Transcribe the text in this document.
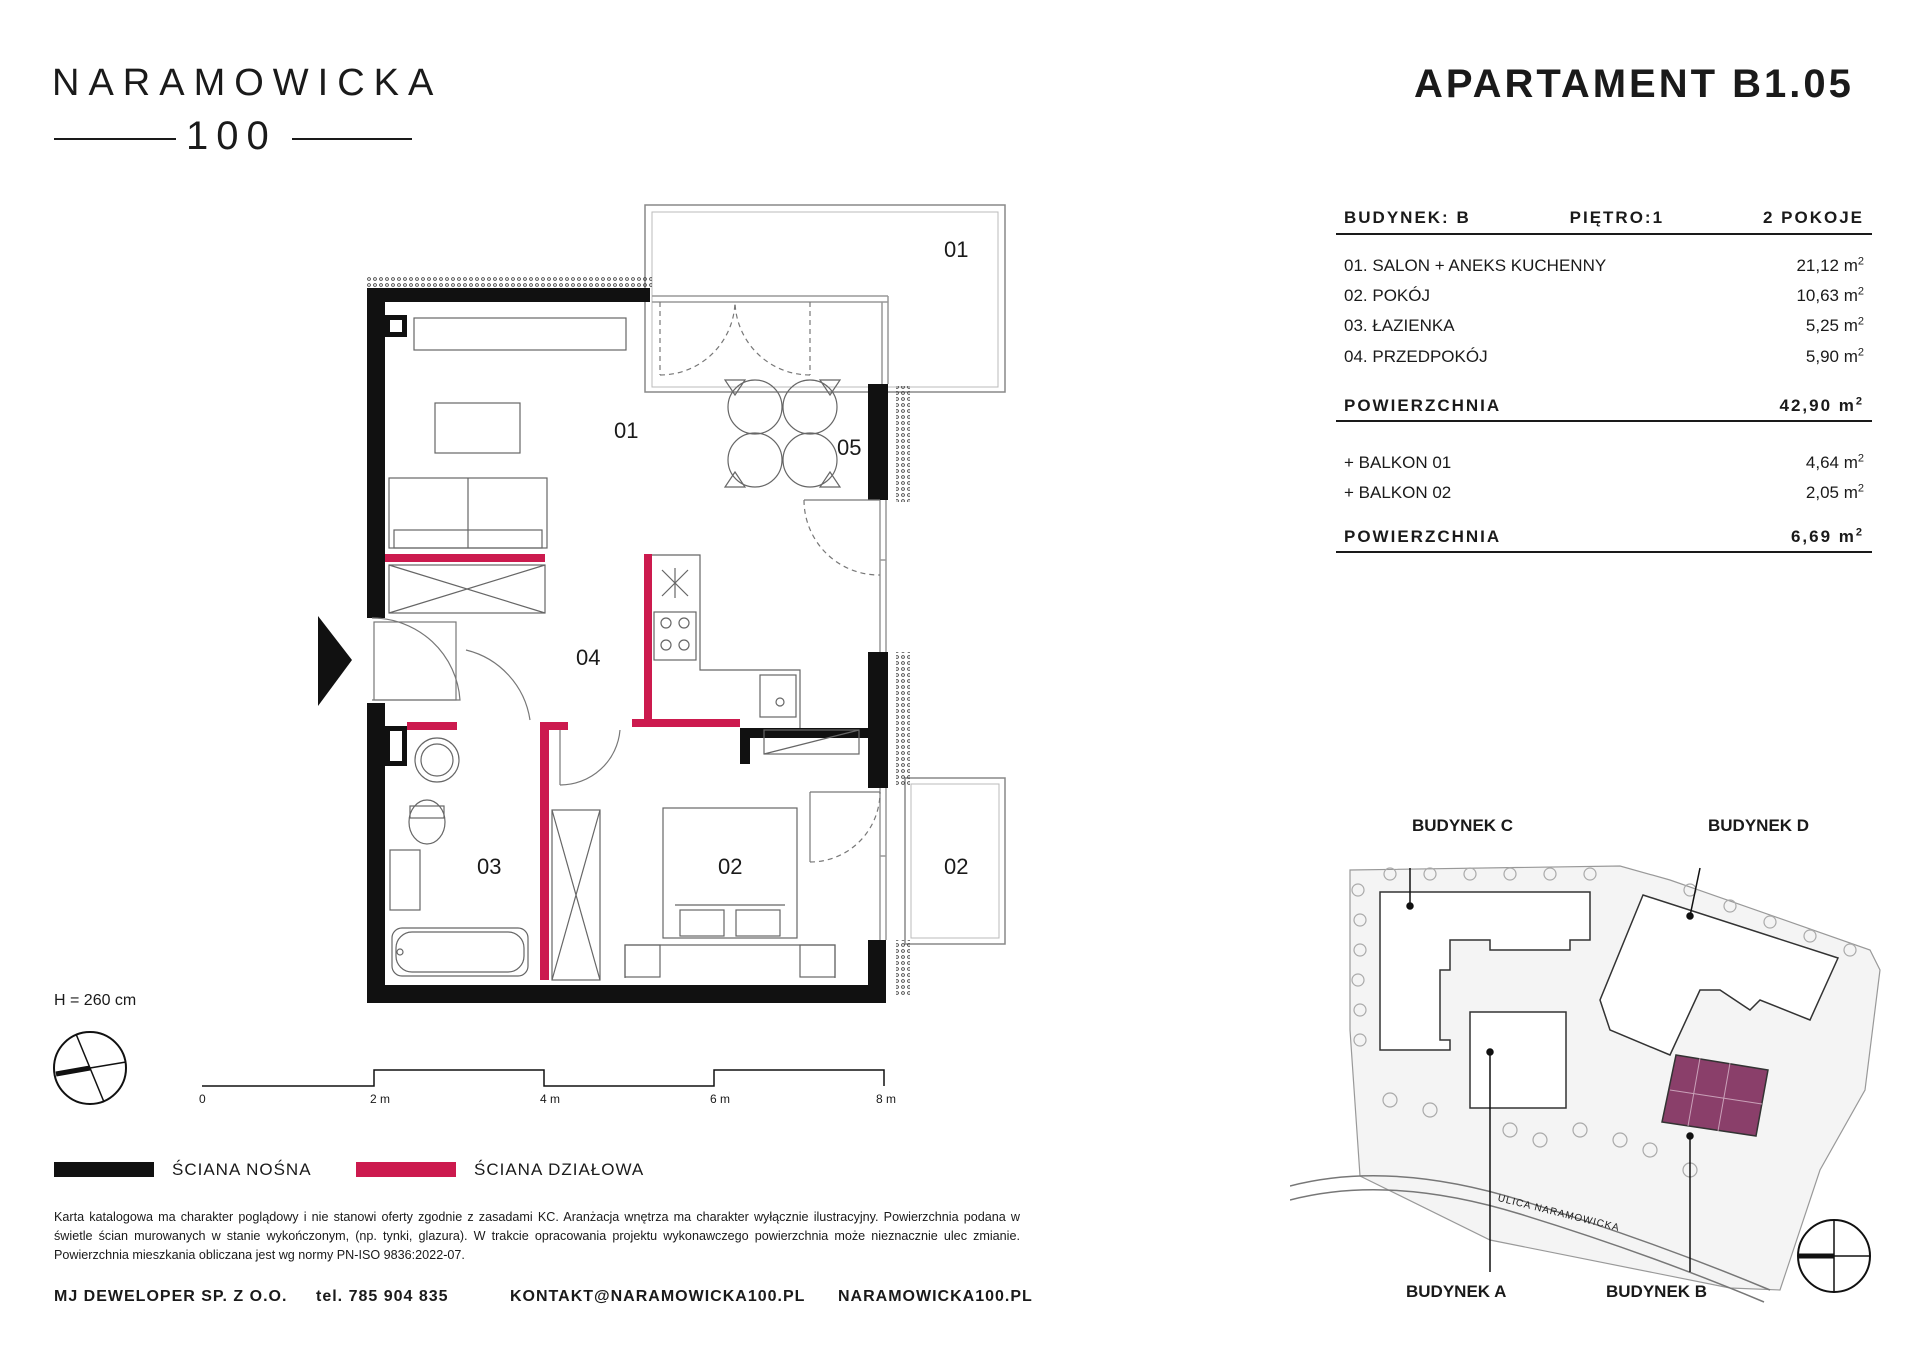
NARAMOWICKA
100
APARTAMENT B1.05
BUDYNEK: B	PIĘTRO:1	2 POKOJE
01. SALON + ANEKS KUCHENNY	21,12 $m^2$
02. POKÓJ	10,63 $m^2$
03. ŁAZIENKA	5,25 $m^2$
04. PRZEDPOKÓJ	5,90 $m^2$
POWIERZCHNIA	42,90 $m^2$
+ BALKON 01	4,64 $m^2$
+ BALKON 02	2,05 $m^2$
POWIERZCHNIA	6,69 $m^2$
01
05
04
03	02
01
02
H = 260 cm
0	2 m	4 m	6 m	8 m
ŚCIANA NOŚNA	ŚCIANA DZIAŁOWA
Karta katalogowa ma charakter poglądowy i nie stanowi oferty zgodnie z zasadami KC. Aranżacja wnętrza ma charakter wyłącznie ilustracyjny. Powierzchnia podana w świetle ścian murowanych w stanie wykończonym, (np. tynki, glazura). W trakcie opracowania projektu wykonawczego powierzchnia może nieznacznie ulec zmianie. Powierzchnia mieszkania obliczana jest wg normy PN-ISO 9836:2022-07.
MJ DEWELOPER SP. Z O.O. tel. 785 904 835	KONTAKT@NARAMOWICKA100.PL NARAMOWICKA100.PL
BUDYNEK C	BUDYNEK D
BUDYNEK A	BUDYNEK B
ULICA NARAMOWICKA
